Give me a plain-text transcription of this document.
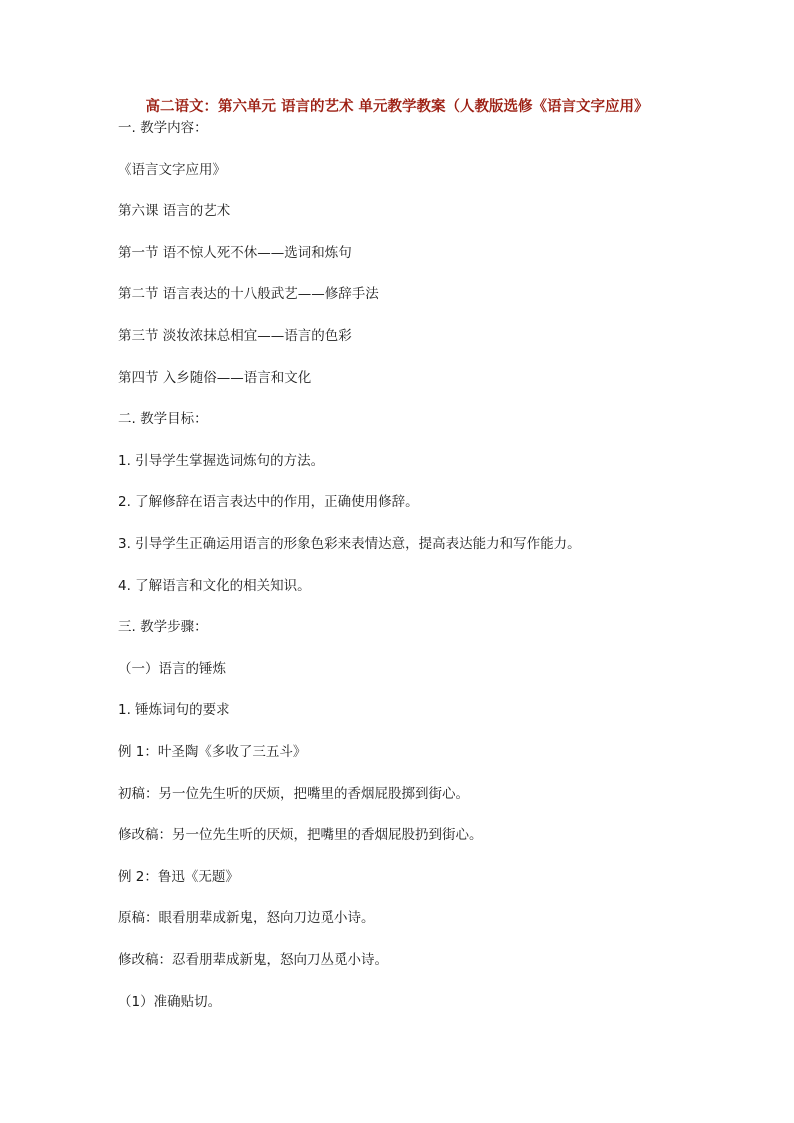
高二语文：第六单元 语言的艺术 单元教学教案（人教版选修《语言文字应用》
一. 教学内容：
《语言文字应用》
第六课 语言的艺术
第一节 语不惊人死不休——选词和炼句
第二节 语言表达的十八般武艺——修辞手法
第三节 淡妆浓抹总相宜——语言的色彩
第四节 入乡随俗——语言和文化
二. 教学目标：
1. 引导学生掌握选词炼句的方法。
2. 了解修辞在语言表达中的作用，正确使用修辞。
3. 引导学生正确运用语言的形象色彩来表情达意，提高表达能力和写作能力。
4. 了解语言和文化的相关知识。
三. 教学步骤：
（一）语言的锤炼
1. 锤炼词句的要求
例 1：叶圣陶《多收了三五斗》
初稿：另一位先生听的厌烦，把嘴里的香烟屁股掷到街心。
修改稿：另一位先生听的厌烦，把嘴里的香烟屁股扔到街心。
例 2：鲁迅《无题》
原稿：眼看朋辈成新鬼，怒向刀边觅小诗。
修改稿：忍看朋辈成新鬼，怒向刀丛觅小诗。
（1）准确贴切。
